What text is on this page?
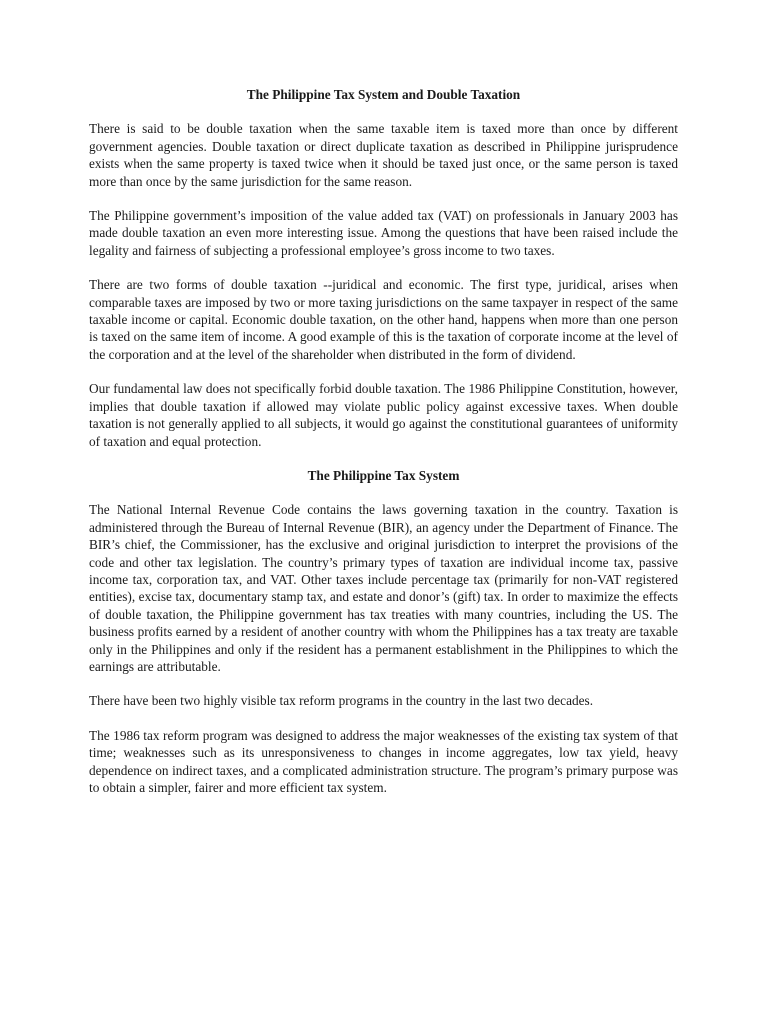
The Philippine Tax System and Double Taxation

There is said to be double taxation when the same taxable item is taxed more than once by different government agencies. Double taxation or direct duplicate taxation as described in Philippine jurisprudence exists when the same property is taxed twice when it should be taxed just once, or the same person is taxed more than once by the same jurisdiction for the same reason.

The Philippine government’s imposition of the value added tax (VAT) on professionals in January 2003 has made double taxation an even more interesting issue. Among the questions that have been raised include the legality and fairness of subjecting a professional employee’s gross income to two taxes.

There are two forms of double taxation --juridical and economic. The first type, juridical, arises when comparable taxes are imposed by two or more taxing jurisdictions on the same taxpayer in respect of the same taxable income or capital. Economic double taxation, on the other hand, happens when more than one person is taxed on the same item of income. A good example of this is the taxation of corporate income at the level of the corporation and at the level of the shareholder when distributed in the form of dividend.

Our fundamental law does not specifically forbid double taxation. The 1986 Philippine Constitution, however, implies that double taxation if allowed may violate public policy against excessive taxes. When double taxation is not generally applied to all subjects, it would go against the constitutional guarantees of uniformity of taxation and equal protection.

The Philippine Tax System

The National Internal Revenue Code contains the laws governing taxation in the country. Taxation is administered through the Bureau of Internal Revenue (BIR), an agency under the Department of Finance. The BIR’s chief, the Commissioner, has the exclusive and original jurisdiction to interpret the provisions of the code and other tax legislation. The country’s primary types of taxation are individual income tax, passive income tax, corporation tax, and VAT. Other taxes include percentage tax (primarily for non-VAT registered entities), excise tax, documentary stamp tax, and estate and donor’s (gift) tax. In order to maximize the effects of double taxation, the Philippine government has tax treaties with many countries, including the US. The business profits earned by a resident of another country with whom the Philippines has a tax treaty are taxable only in the Philippines and only if the resident has a permanent establishment in the Philippines to which the earnings are attributable.

There have been two highly visible tax reform programs in the country in the last two decades.

The 1986 tax reform program was designed to address the major weaknesses of the existing tax system of that time; weaknesses such as its unresponsiveness to changes in income aggregates, low tax yield, heavy dependence on indirect taxes, and a complicated administration structure. The program’s primary purpose was to obtain a simpler, fairer and more efficient tax system.
